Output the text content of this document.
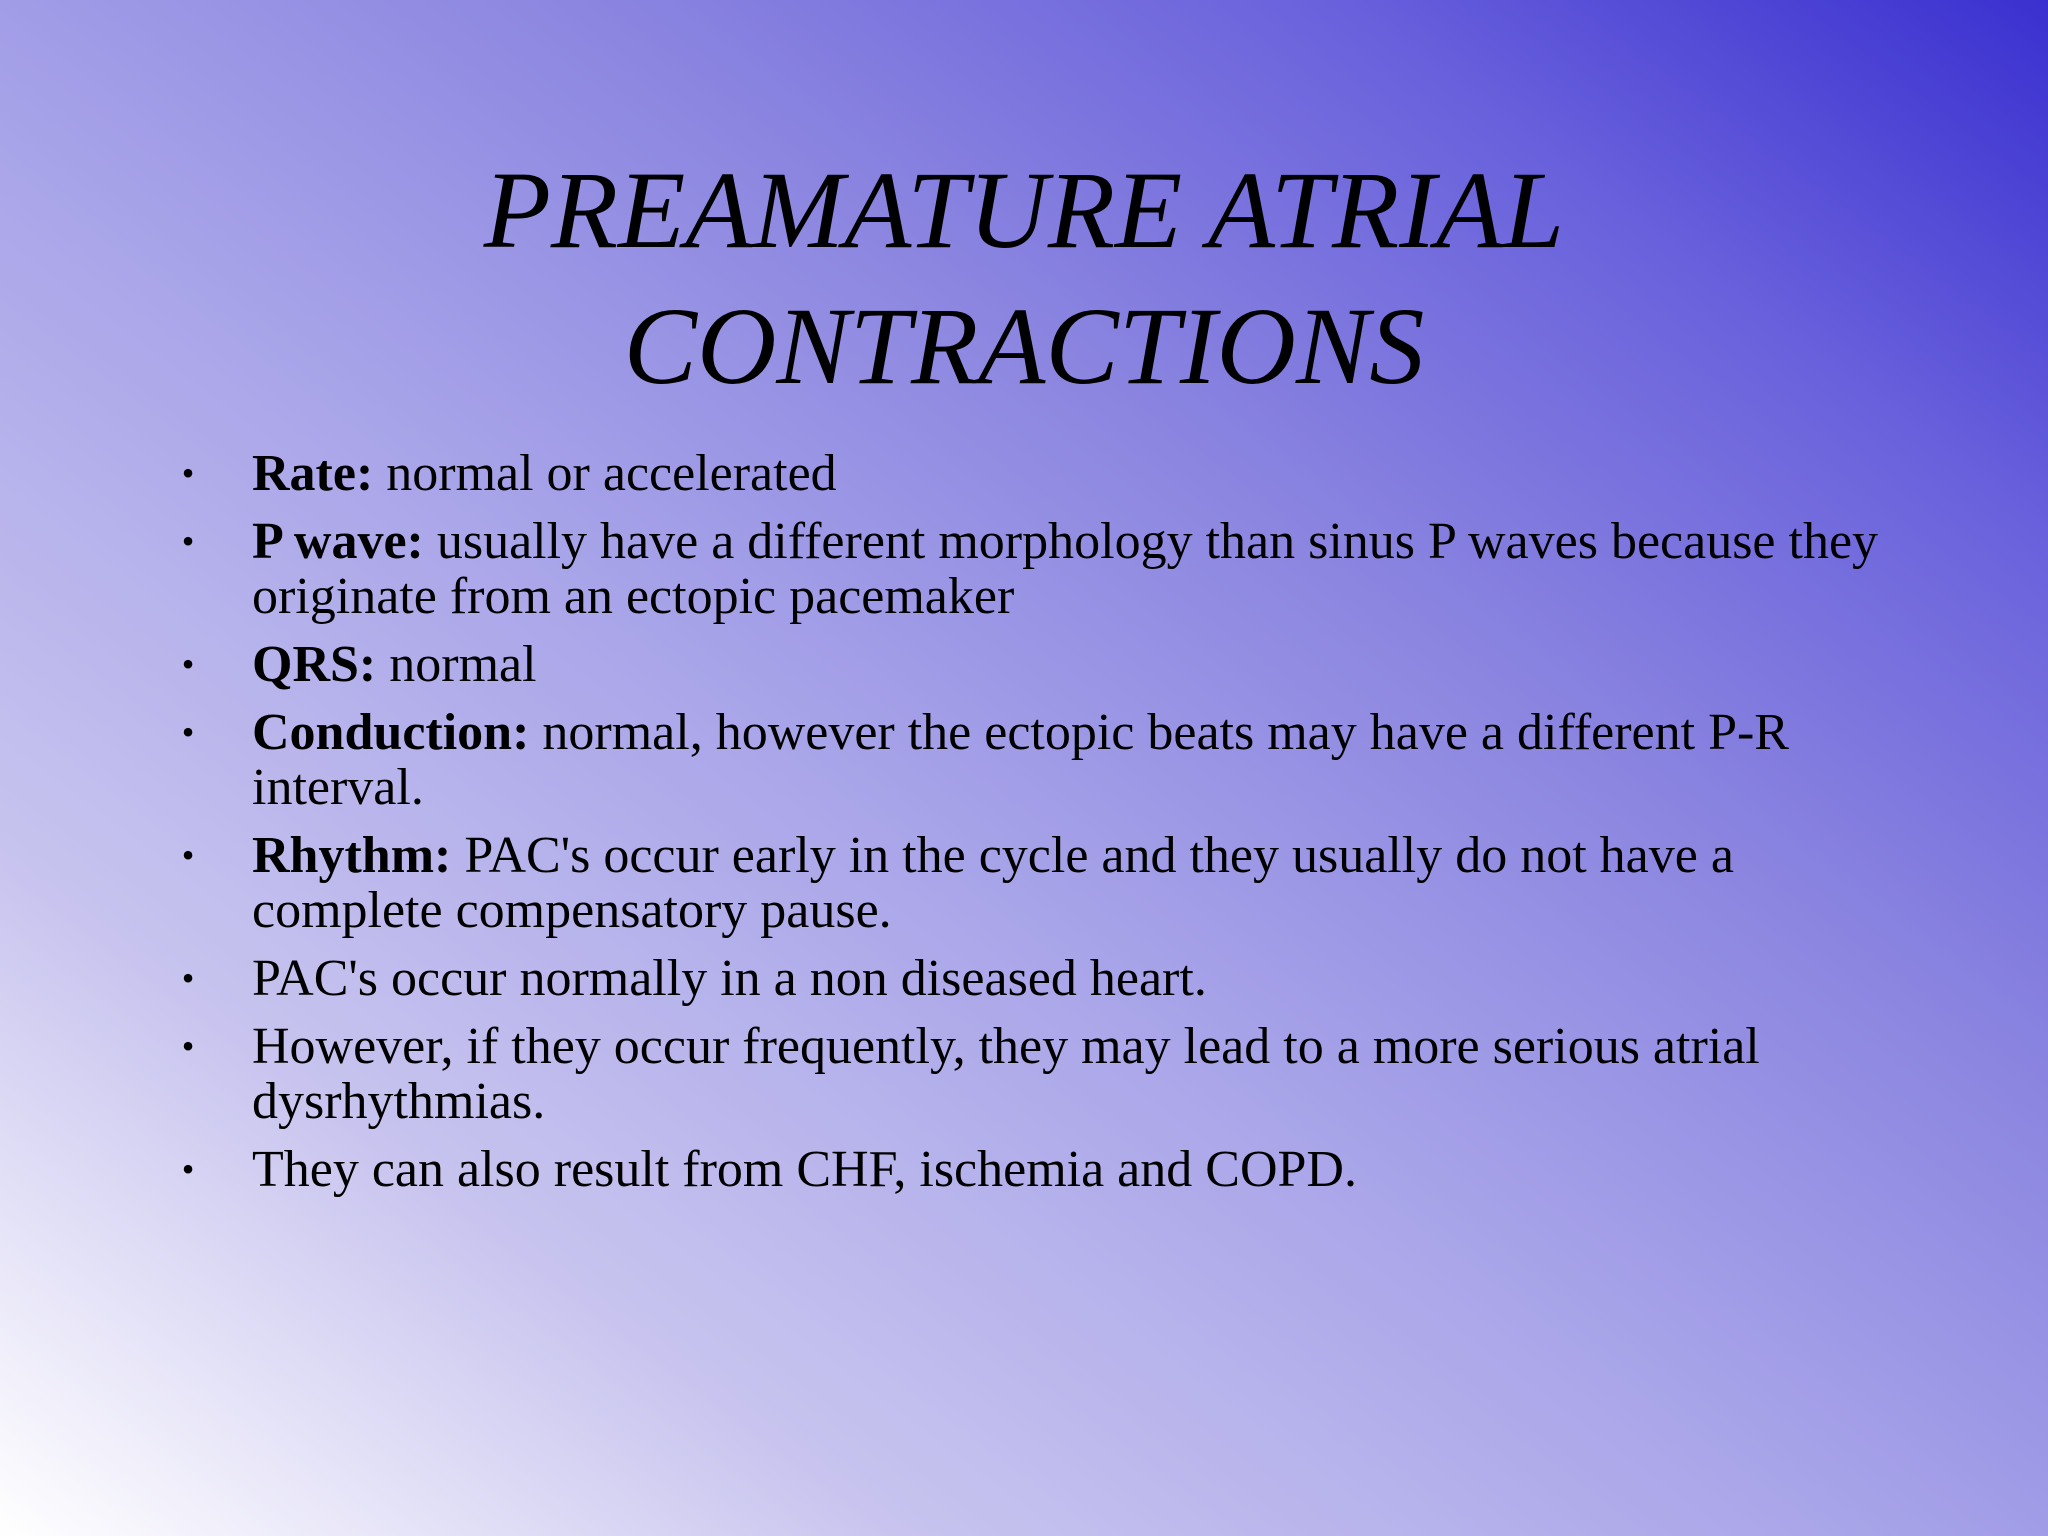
PREAMATURE ATRIAL
CONTRACTIONS
• Rate: normal or accelerated
• P wave: usually have a different morphology than sinus P waves because they originate from an ectopic pacemaker
• QRS: normal
• Conduction: normal, however the ectopic beats may have a different P-R interval.
• Rhythm: PAC's occur early in the cycle and they usually do not have a complete compensatory pause.
• PAC's occur normally in a non diseased heart.
• However, if they occur frequently, they may lead to a more serious atrial dysrhythmias.
• They can also result from CHF, ischemia and COPD.
